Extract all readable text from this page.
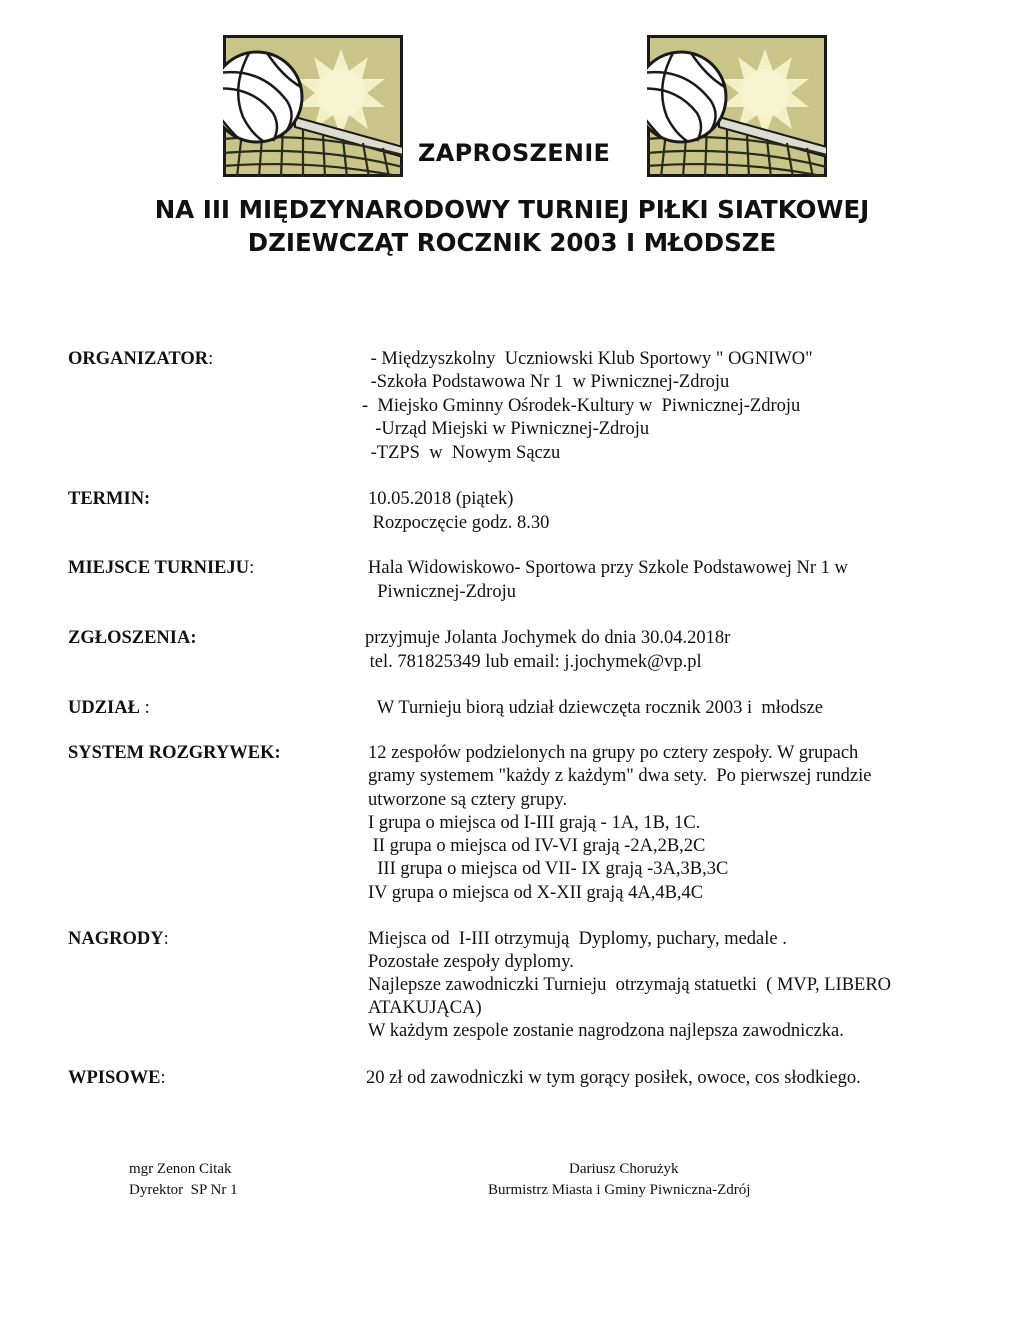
ZAPROSZENIE

NA III MIĘDZYNARODOWY TURNIEJ PIŁKI SIATKOWEJ

DZIEWCZĄT ROCZNIK 2003 I MŁODSZE

ORGANIZATOR:	- Międzyszkolny  Uczniowski Klub Sportowy " OGNIWO"

-Szkoła Podstawowa Nr 1  w Piwnicznej-Zdroju

-  Miejsko Gminny Ośrodek-Kultury w  Piwnicznej-Zdroju

-Urząd Miejski w Piwnicznej-Zdroju

-TZPS  w  Nowym Sączu

TERMIN:	10.05.2018 (piątek)

Rozpoczęcie godz. 8.30

MIEJSCE TURNIEJU:	Hala Widowiskowo- Sportowa przy Szkole Podstawowej Nr 1 w

Piwnicznej-Zdroju

ZGŁOSZENIA:	przyjmuje Jolanta Jochymek do dnia 30.04.2018r

tel. 781825349 lub email: j.jochymek@vp.pl

UDZIAŁ :	W Turnieju biorą udział dziewczęta rocznik 2003 i  młodsze

SYSTEM ROZGRYWEK:	12 zespołów podzielonych na grupy po cztery zespoły. W grupach

gramy systemem "każdy z każdym" dwa sety.  Po pierwszej rundzie

utworzone są cztery grupy.

I grupa o miejsca od I-III grają - 1A, 1B, 1C.

II grupa o miejsca od IV-VI grają -2A,2B,2C

III grupa o miejsca od VII- IX grają -3A,3B,3C

IV grupa o miejsca od X-XII grają 4A,4B,4C

NAGRODY:	Miejsca od  I-III otrzymują  Dyplomy, puchary, medale .

Pozostałe zespoły dyplomy.

Najlepsze zawodniczki Turnieju  otrzymają statuetki  ( MVP, LIBERO

ATAKUJĄCA)

W każdym zespole zostanie nagrodzona najlepsza zawodniczka.

WPISOWE:	20 zł od zawodniczki w tym gorący posiłek, owoce, cos słodkiego.

mgr Zenon Citak

Dyrektor  SP Nr 1

Dariusz Chorużyk

Burmistrz Miasta i Gminy Piwniczna-Zdrój
